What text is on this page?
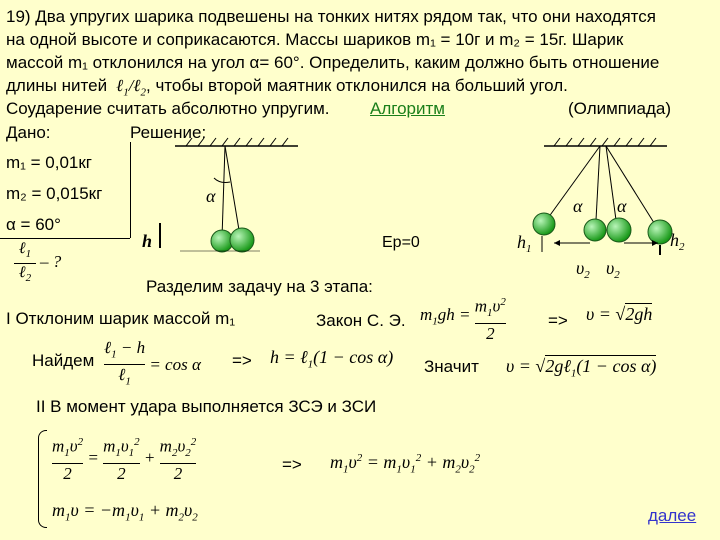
19) Два упругих шарика подвешены на тонких нитях рядом так, что они находятся
на одной высоте и соприкасаются. Массы шариков m₁ = 10г и m₂ = 15г. Шарик
массой m₁ отклонился на угол α= 60°. Определить, каким должно быть отношение
длины нитей  ℓ$_1$/ℓ$_2$, чтобы второй маятник отклонился на больший угол.
Соударение считать абсолютно упругим. Алгоритм	(Олимпиада)
Дано:	Решение:
m₁ = 0,01кг
m₂ = 0,015кг
α = 60°
ℓ$_1$
ℓ$_2$
– ?
α
h	Eр=0
α α
$h_1$	$h_2$
$\upsilon_2$ $\upsilon_2$
Разделим задачу на 3 этапа:
I Отклоним шарик массой m₁	Закон С. Э. $m_1gh = \frac{m_1\upsilon^2}{2} => \upsilon = √2gh$
Найдем
ℓ$_1$ − h
ℓ$_1$
= cos α => h = ℓ$_1$(1 − cos α) Значит υ = √2gℓ$_1$(1 − cos α)
II В момент удара выполняется ЗСЭ и ЗСИ
$\frac{m_1\upsilon^2}{2} = \frac{m_1\upsilon_1^2}{2} + \frac{m_2\upsilon_2^2}{2}$	=> $m_1\upsilon^2 = m_1\upsilon_1^2 + m_2\upsilon_2^2$
$m_1\upsilon = -m_1\upsilon_1 + m_2\upsilon_2$	далее
